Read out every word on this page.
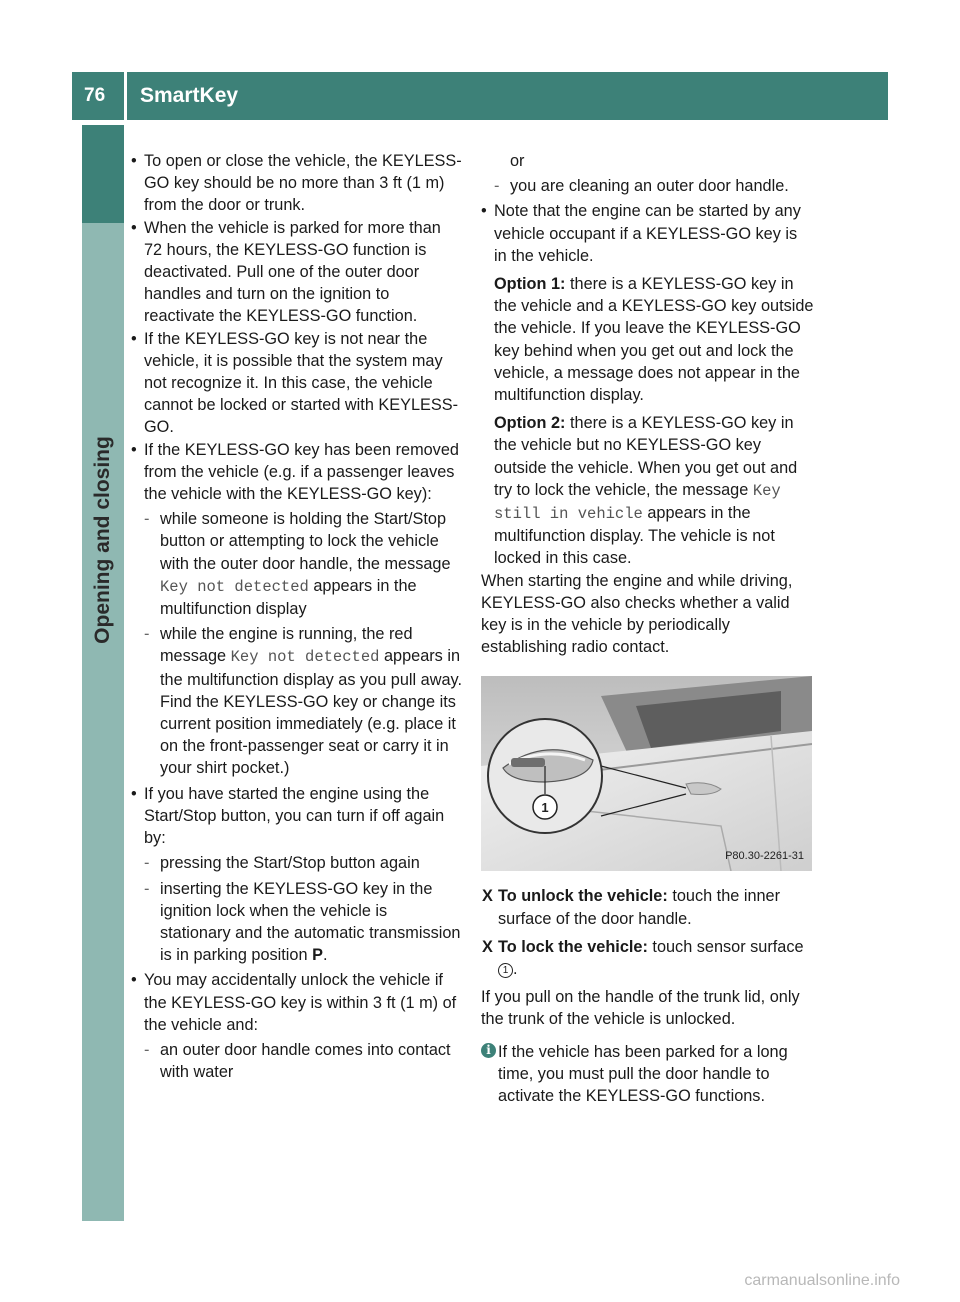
76	SmartKey
Opening and closing
• To open or close the vehicle, the KEYLESS-GO key should be no more than 3 ft (1 m) from the door or trunk.
• When the vehicle is parked for more than 72 hours, the KEYLESS-GO function is deactivated. Pull one of the outer door handles and turn on the ignition to reactivate the KEYLESS-GO function.
• If the KEYLESS-GO key is not near the vehicle, it is possible that the system may not recognize it. In this case, the vehicle cannot be locked or started with KEYLESS-GO.
• If the KEYLESS-GO key has been removed from the vehicle (e.g. if a passenger leaves the vehicle with the KEYLESS-GO key):
- while someone is holding the Start/Stop button or attempting to lock the vehicle with the outer door handle, the message Key not detected appears in the multifunction display
- while the engine is running, the red message Key not detected appears in the multifunction display as you pull away. Find the KEYLESS-GO key or change its current position immediately (e.g. place it on the front-passenger seat or carry it in your shirt pocket.)
• If you have started the engine using the Start/Stop button, you can turn if off again by:
- pressing the Start/Stop button again
- inserting the KEYLESS-GO key in the ignition lock when the vehicle is stationary and the automatic transmission is in parking position P.
• You may accidentally unlock the vehicle if the KEYLESS-GO key is within 3 ft (1 m) of the vehicle and:
- an outer door handle comes into contact with water

or

- you are cleaning an outer door handle.
• Note that the engine can be started by any vehicle occupant if a KEYLESS-GO key is in the vehicle.

Option 1: there is a KEYLESS-GO key in the vehicle and a KEYLESS-GO key outside the vehicle. If you leave the KEYLESS-GO key behind when you get out and lock the vehicle, a message does not appear in the multifunction display.

Option 2: there is a KEYLESS-GO key in the vehicle but no KEYLESS-GO key outside the vehicle. When you get out and try to lock the vehicle, the message Key still in vehicle appears in the multifunction display. The vehicle is not locked in this case.

When starting the engine and while driving, KEYLESS-GO also checks whether a valid key is in the vehicle by periodically establishing radio contact.

1
P80.30-2261-31
X To unlock the vehicle: touch the inner surface of the door handle.
X To lock the vehicle: touch sensor surface 1 .

If you pull on the handle of the trunk lid, only the trunk of the vehicle is unlocked.

i If the vehicle has been parked for a long time, you must pull the door handle to activate the KEYLESS-GO functions.
carmanualsonline.info
